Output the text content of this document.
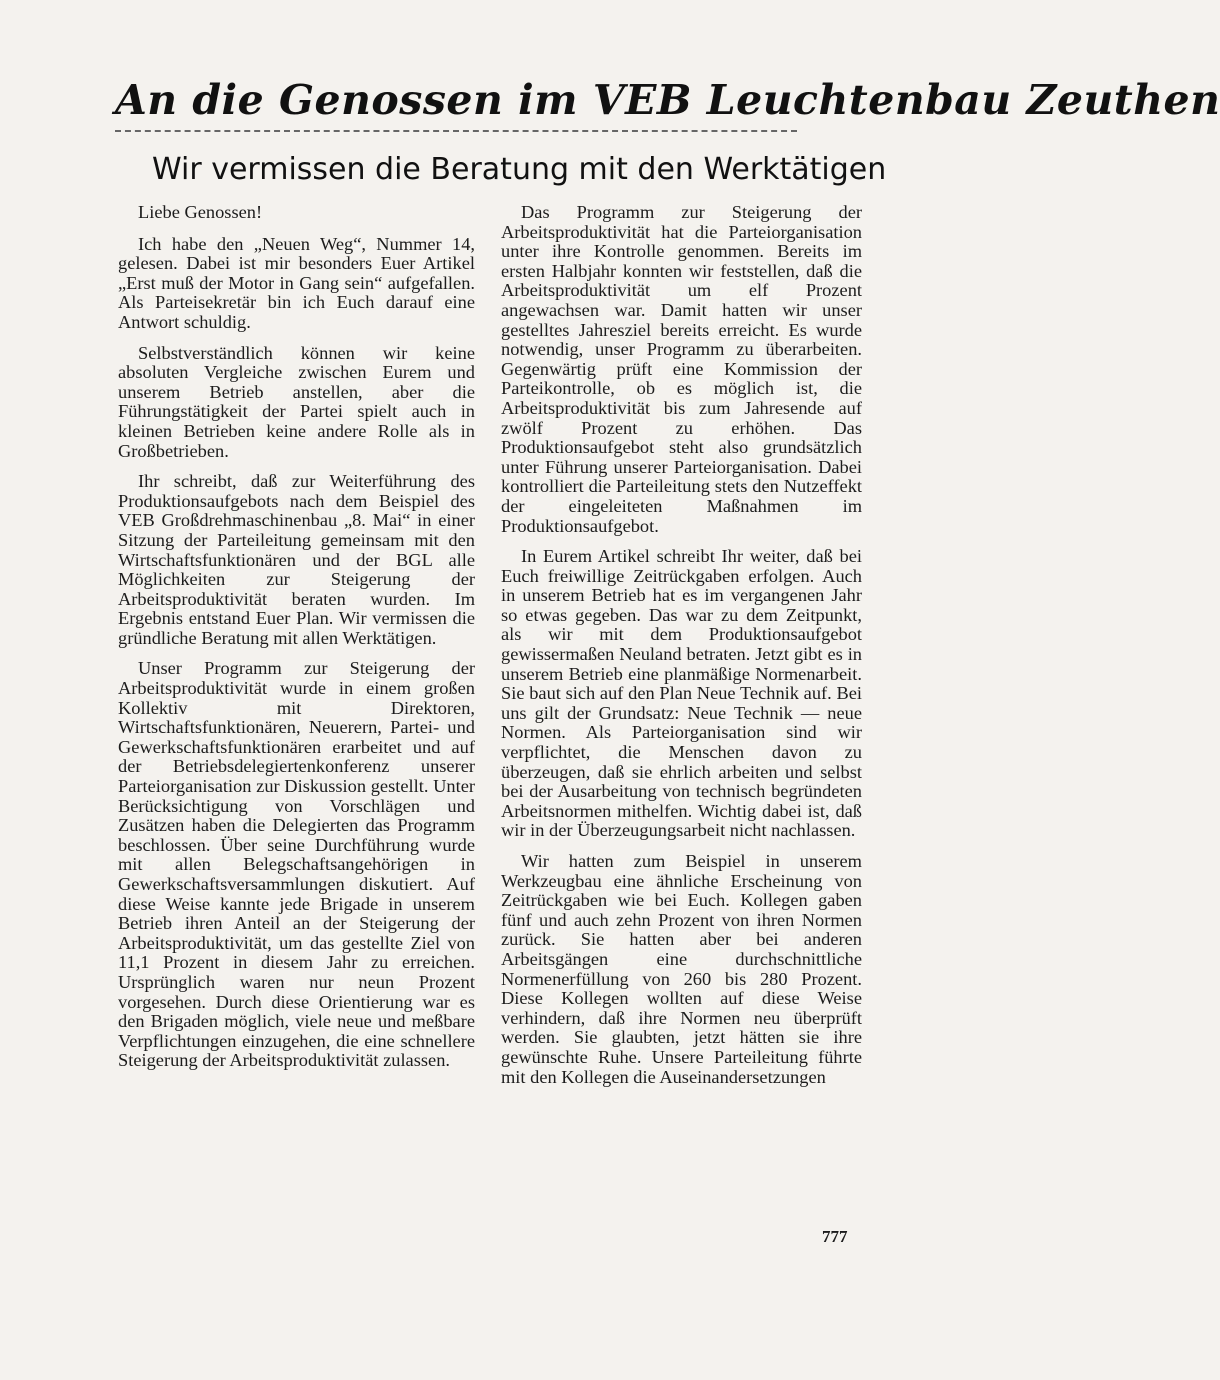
An die Genossen im VEB Leuchtenbau Zeuthen
Wir vermissen die Beratung mit den Werktätigen

Liebe Genossen!

Ich habe den „Neuen Weg“, Nummer 14, gelesen. Dabei ist mir besonders Euer Artikel „Erst muß der Motor in Gang sein“ aufgefallen. Als Parteisekretär bin ich Euch darauf eine Antwort schuldig.

Selbstverständlich können wir keine absoluten Vergleiche zwischen Eurem und unserem Betrieb anstellen, aber die Führungstätigkeit der Partei spielt auch in kleinen Betrieben keine andere Rolle als in Großbetrieben.

Ihr schreibt, daß zur Weiterführung des Produktionsaufgebots nach dem Beispiel des VEB Großdrehmaschinenbau „8. Mai“ in einer Sitzung der Parteileitung gemeinsam mit den Wirtschaftsfunktionären und der BGL alle Möglichkeiten zur Steigerung der Arbeitsproduktivität beraten wurden. Im Ergebnis entstand Euer Plan. Wir vermissen die gründliche Beratung mit allen Werktätigen.

Unser Programm zur Steigerung der Arbeitsproduktivität wurde in einem großen Kollektiv mit Direktoren, Wirtschaftsfunktionären, Neuerern, Partei- und Gewerkschaftsfunktionären erarbeitet und auf der Betriebsdelegiertenkonferenz unserer Parteiorganisation zur Diskussion gestellt. Unter Berücksichtigung von Vorschlägen und Zusätzen haben die Delegierten das Programm beschlossen. Über seine Durchführung wurde mit allen Belegschaftsangehörigen in Gewerkschaftsversammlungen diskutiert. Auf diese Weise kannte jede Brigade in unserem Betrieb ihren Anteil an der Steigerung der Arbeitsproduktivität, um das gestellte Ziel von 11,1 Prozent in diesem Jahr zu erreichen. Ursprünglich waren nur neun Prozent vorgesehen. Durch diese Orientierung war es den Brigaden möglich, viele neue und meßbare Verpflichtungen einzugehen, die eine schnellere Steigerung der Arbeitsproduktivität zulassen.

Das Programm zur Steigerung der Arbeitsproduktivität hat die Parteiorganisation unter ihre Kontrolle genommen. Bereits im ersten Halbjahr konnten wir feststellen, daß die Arbeitsproduktivität um elf Prozent angewachsen war. Damit hatten wir unser gestelltes Jahresziel bereits erreicht. Es wurde notwendig, unser Programm zu überarbeiten. Gegenwärtig prüft eine Kommission der Parteikontrolle, ob es möglich ist, die Arbeitsproduktivität bis zum Jahresende auf zwölf Prozent zu erhöhen. Das Produktionsaufgebot steht also grundsätzlich unter Führung unserer Parteiorganisation. Dabei kontrolliert die Parteileitung stets den Nutzeffekt der eingeleiteten Maßnahmen im Produktionsaufgebot.

In Eurem Artikel schreibt Ihr weiter, daß bei Euch freiwillige Zeitrückgaben erfolgen. Auch in unserem Betrieb hat es im vergangenen Jahr so etwas gegeben. Das war zu dem Zeitpunkt, als wir mit dem Produktionsaufgebot gewissermaßen Neuland betraten. Jetzt gibt es in unserem Betrieb eine planmäßige Normenarbeit. Sie baut sich auf den Plan Neue Technik auf. Bei uns gilt der Grundsatz: Neue Technik — neue Normen. Als Parteiorganisation sind wir verpflichtet, die Menschen davon zu überzeugen, daß sie ehrlich arbeiten und selbst bei der Ausarbeitung von technisch begründeten Arbeitsnormen mithelfen. Wichtig dabei ist, daß wir in der Überzeugungsarbeit nicht nachlassen.

Wir hatten zum Beispiel in unserem Werkzeugbau eine ähnliche Erscheinung von Zeitrückgaben wie bei Euch. Kollegen gaben fünf und auch zehn Prozent von ihren Normen zurück. Sie hatten aber bei anderen Arbeitsgängen eine durchschnittliche Normenerfüllung von 260 bis 280 Prozent. Diese Kollegen wollten auf diese Weise verhindern, daß ihre Normen neu überprüft werden. Sie glaubten, jetzt hätten sie ihre gewünschte Ruhe. Unsere Parteileitung führte mit den Kollegen die Auseinandersetzungen

777
